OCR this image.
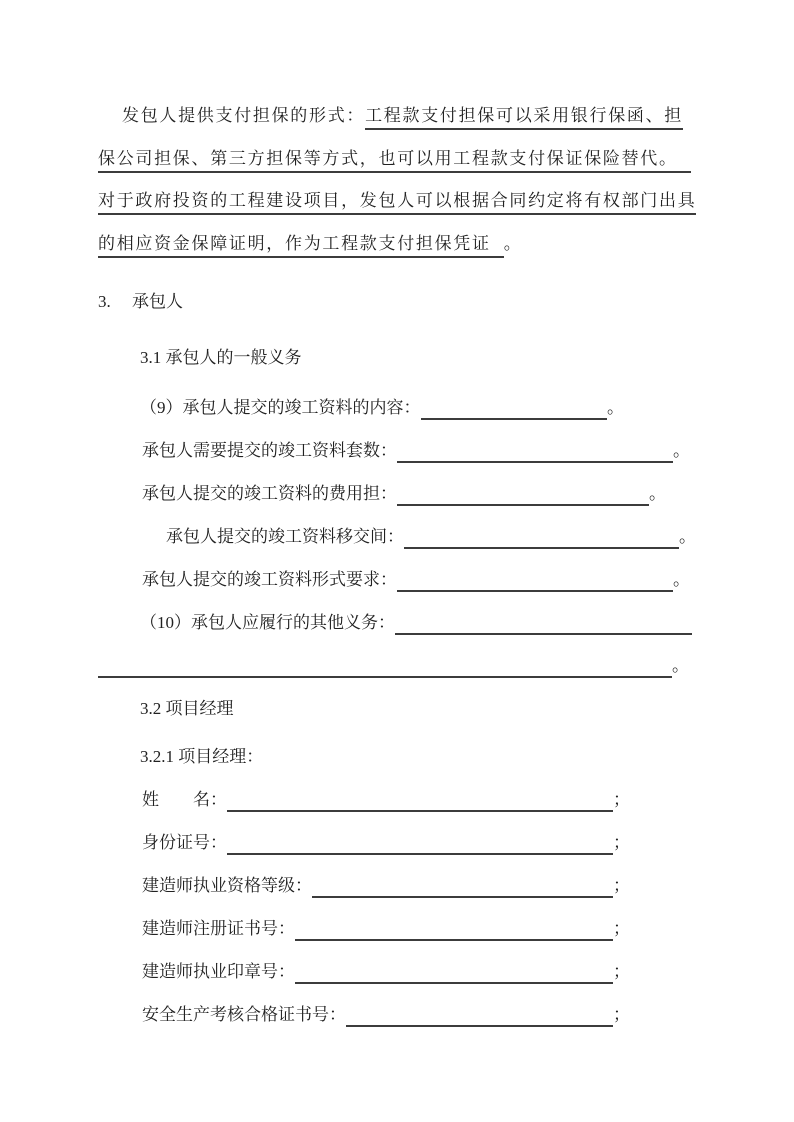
发包人提供支付担保的形式：工程款支付担保可以采用银行保函、担
保公司担保、第三方担保等方式，也可以用工程款支付保证保险替代。
对于政府投资的工程建设项目，发包人可以根据合同约定将有权部门出具
的相应资金保障证明，作为工程款支付担保凭证 。
3.　 承包人
3.1 承包人的一般义务
（9）承包人提交的竣工资料的内容：	。
承包人需要提交的竣工资料套数：	。
承包人提交的竣工资料的费用担：	。
承包人提交的竣工资料移交间：	。
承包人提交的竣工资料形式要求：	。
（10）承包人应履行的其他义务：
。
3.2 项目经理
3.2.1 项目经理：
姓　　名：	；
身份证号：	；
建造师执业资格等级：	；
建造师注册证书号：	；
建造师执业印章号：	；
安全生产考核合格证书号：	；
